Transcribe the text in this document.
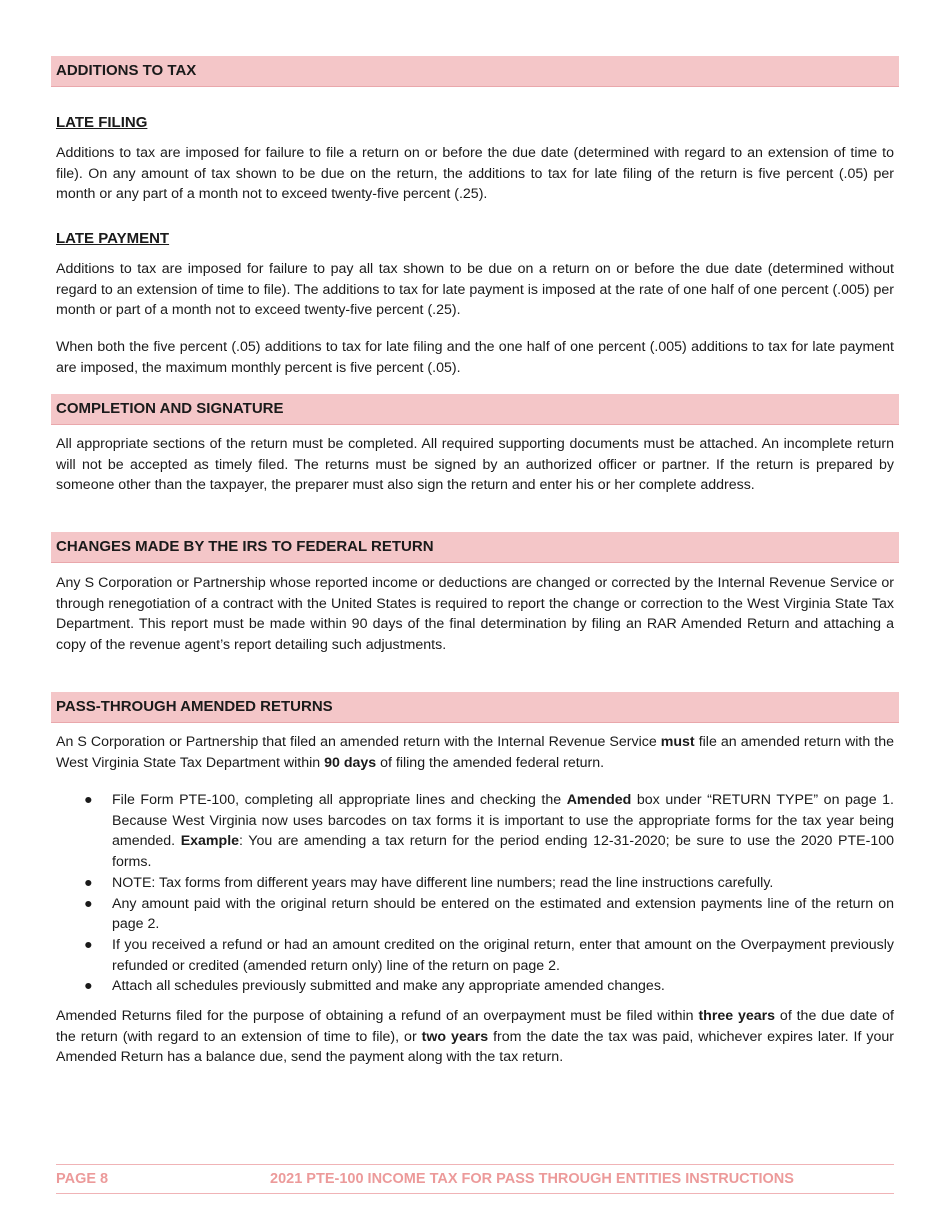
ADDITIONS TO TAX
LATE FILING

Additions to tax are imposed for failure to file a return on or before the due date (determined with regard to an extension of time to file). On any amount of tax shown to be due on the return, the additions to tax for late filing of the return is five percent (.05) per month or any part of a month not to exceed twenty-five percent (.25).

LATE PAYMENT

Additions to tax are imposed for failure to pay all tax shown to be due on a return on or before the due date (determined without regard to an extension of time to file). The additions to tax for late payment is imposed at the rate of one half of one percent (.005) per month or part of a month not to exceed twenty-five percent (.25).

When both the five percent (.05) additions to tax for late filing and the one half of one percent (.005) additions to tax for late payment are imposed, the maximum monthly percent is five percent (.05).

COMPLETION AND SIGNATURE

All appropriate sections of the return must be completed. All required supporting documents must be attached. An incomplete return will not be accepted as timely filed. The returns must be signed by an authorized officer or partner. If the return is prepared by someone other than the taxpayer, the preparer must also sign the return and enter his or her complete address.

CHANGES MADE BY THE IRS TO FEDERAL RETURN

Any S Corporation or Partnership whose reported income or deductions are changed or corrected by the Internal Revenue Service or through renegotiation of a contract with the United States is required to report the change or correction to the West Virginia State Tax Department. This report must be made within 90 days of the final determination by filing an RAR Amended Return and attaching a copy of the revenue agent’s report detailing such adjustments.

PASS-THROUGH AMENDED RETURNS

An S Corporation or Partnership that filed an amended return with the Internal Revenue Service must file an amended return with the West Virginia State Tax Department within 90 days of filing the amended federal return.

● File Form PTE-100, completing all appropriate lines and checking the Amended box under “RETURN TYPE” on page 1. Because West Virginia now uses barcodes on tax forms it is important to use the appropriate forms for the tax year being amended. Example: You are amending a tax return for the period ending 12-31-2020; be sure to use the 2020 PTE-100 forms.
● NOTE: Tax forms from different years may have different line numbers; read the line instructions carefully.
● Any amount paid with the original return should be entered on the estimated and extension payments line of the return on page 2.
● If you received a refund or had an amount credited on the original return, enter that amount on the Overpayment previously refunded or credited (amended return only) line of the return on page 2.
● Attach all schedules previously submitted and make any appropriate amended changes.

Amended Returns filed for the purpose of obtaining a refund of an overpayment must be filed within three years of the due date of the return (with regard to an extension of time to file), or two years from the date the tax was paid, whichever expires later. If your Amended Return has a balance due, send the payment along with the tax return.

PAGE 8	2021 PTE-100 INCOME TAX FOR PASS THROUGH ENTITIES INSTRUCTIONS
